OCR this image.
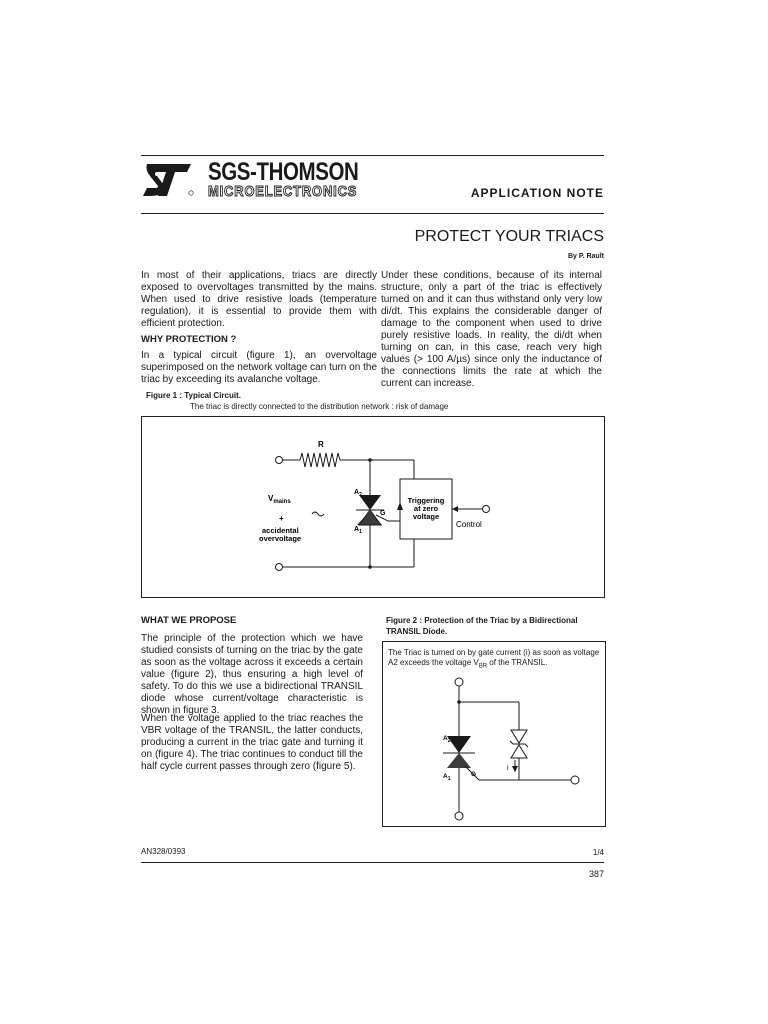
SGS-THOMSON
MICROELECTRONICS	APPLICATION NOTE
PROTECT YOUR TRIACS
By P. Rault
In most of their applications, triacs are directly exposed to overvoltages transmitted by the mains. When used to drive resistive loads (temperature regulation), it is essential to provide them with efficient protection.
WHY PROTECTION ?
In a typical circuit (figure 1), an overvoltage superimposed on the network voltage can turn on the triac by exceeding its avalanche voltage.
Under these conditions, because of its internal structure, only a part of the triac is effectively turned on and it can thus withstand only very low di/dt. This explains the considerable danger of damage to the component when used to drive purely resistive loads. In reality, the di/dt when turning on can, in this case, reach very high values (> 100 A/µs) since only the inductance of the connections limits the rate at which the current can increase.
Figure 1 : Typical Circuit.
The triac is directly connected to the distribution network : risk of damage
R
$V_{mains}$
+
accidental
overvoltage
$A_2$
$A_1$
G
Triggering
at zero
voltage
Control
WHAT WE PROPOSE
The principle of the protection which we have studied consists of turning on the triac by the gate as soon as the voltage across it exceeds a certain value (figure 2), thus ensuring a high level of safety. To do this we use a bidirectional TRANSIL diode whose current/voltage characteristic is shown in figure 3.
When the voltage applied to the triac reaches the VBR voltage of the TRANSIL, the latter conducts, producing a current in the triac gate and turning it on (figure 4). The triac continues to conduct till the half cycle current passes through zero (figure 5).
Figure 2 : Protection of the Triac by a Bidirectional TRANSIL Diode.
The Triac is turned on by gate current (i) as soon as voltage A2 exceeds the voltage $V_{BR}$ of the TRANSIL.
$A_2$
$A_1$
G
i
AN328/0393	1/4
387
